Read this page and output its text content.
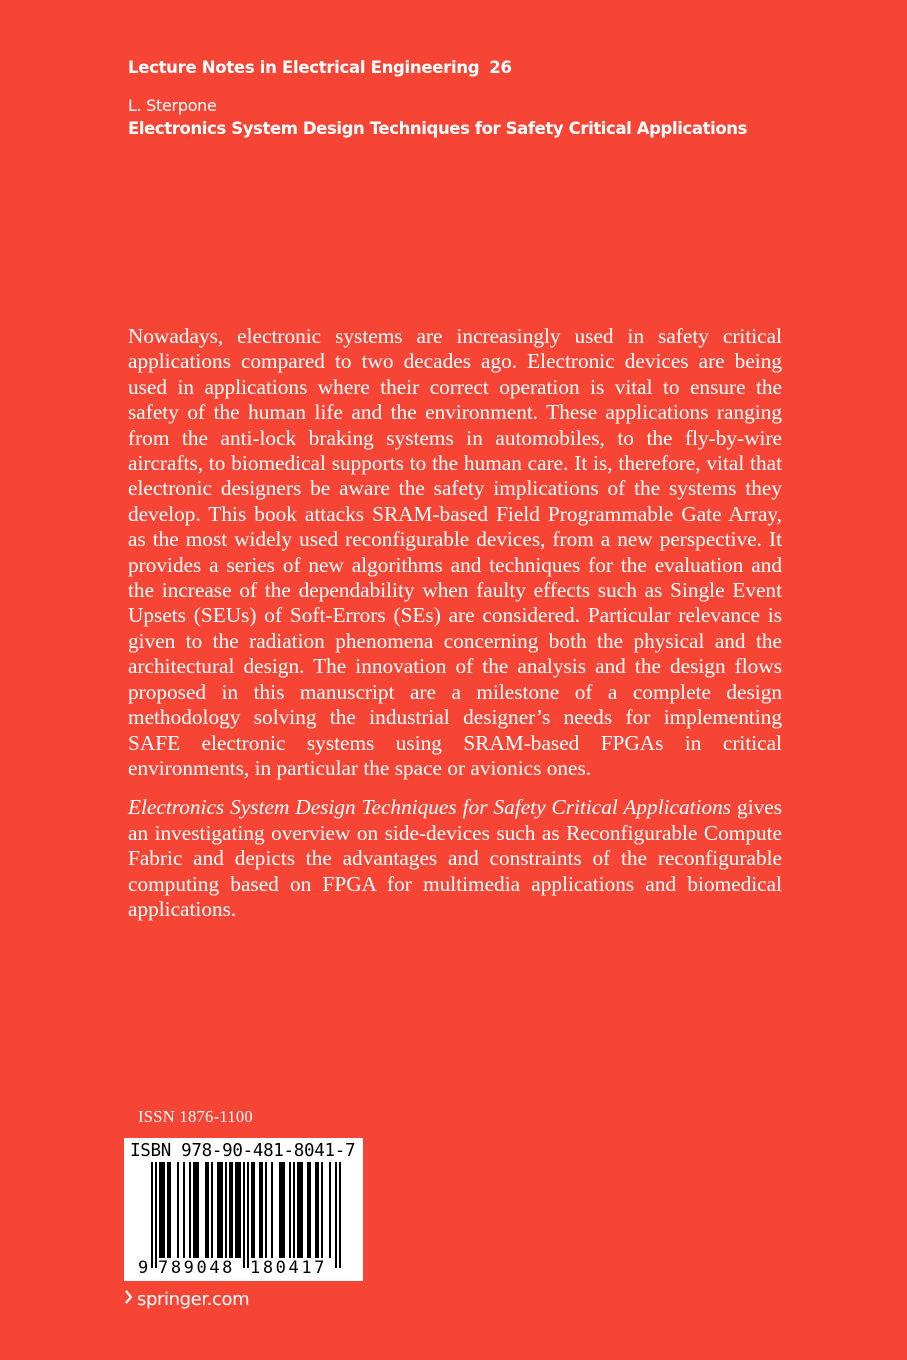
Lecture Notes in Electrical Engineering 26
L. Sterpone
Electronics System Design Techniques for Safety Critical Applications

Nowadays, electronic systems are increasingly used in safety critical applications compared to two decades ago. Electronic devices are being used in applications where their correct operation is vital to ensure the safety of the human life and the environment. These applications ranging from the anti-lock braking systems in automobiles, to the fly-by-wire aircrafts, to biomedical supports to the human care. It is, therefore, vital that electronic designers be aware the safety implications of the systems they develop. This book attacks SRAM-based Field Programmable Gate Array, as the most widely used reconfigurable devices, from a new perspective. It provides a series of new algorithms and techniques for the evaluation and the increase of the dependability when faulty effects such as Single Event Upsets (SEUs) of Soft-Errors (SEs) are considered. Particular relevance is given to the radiation phenomena concerning both the physical and the architectural design. The innovation of the analysis and the design flows proposed in this manuscript are a milestone of a complete design methodology solving the industrial designer’s needs for implementing SAFE electronic systems using SRAM-based FPGAs in critical environments, in particular the space or avionics ones.

Electronics System Design Techniques for Safety Critical Applications gives an investigating overview on side-devices such as Reconfigurable Compute Fabric and depicts the advantages and constraints of the reconfigurable computing based on FPGA for multimedia applications and biomedical applications.

ISSN 1876-1100
ISBN 978-90-481-8041-7
9 789048 180417
springer.com
